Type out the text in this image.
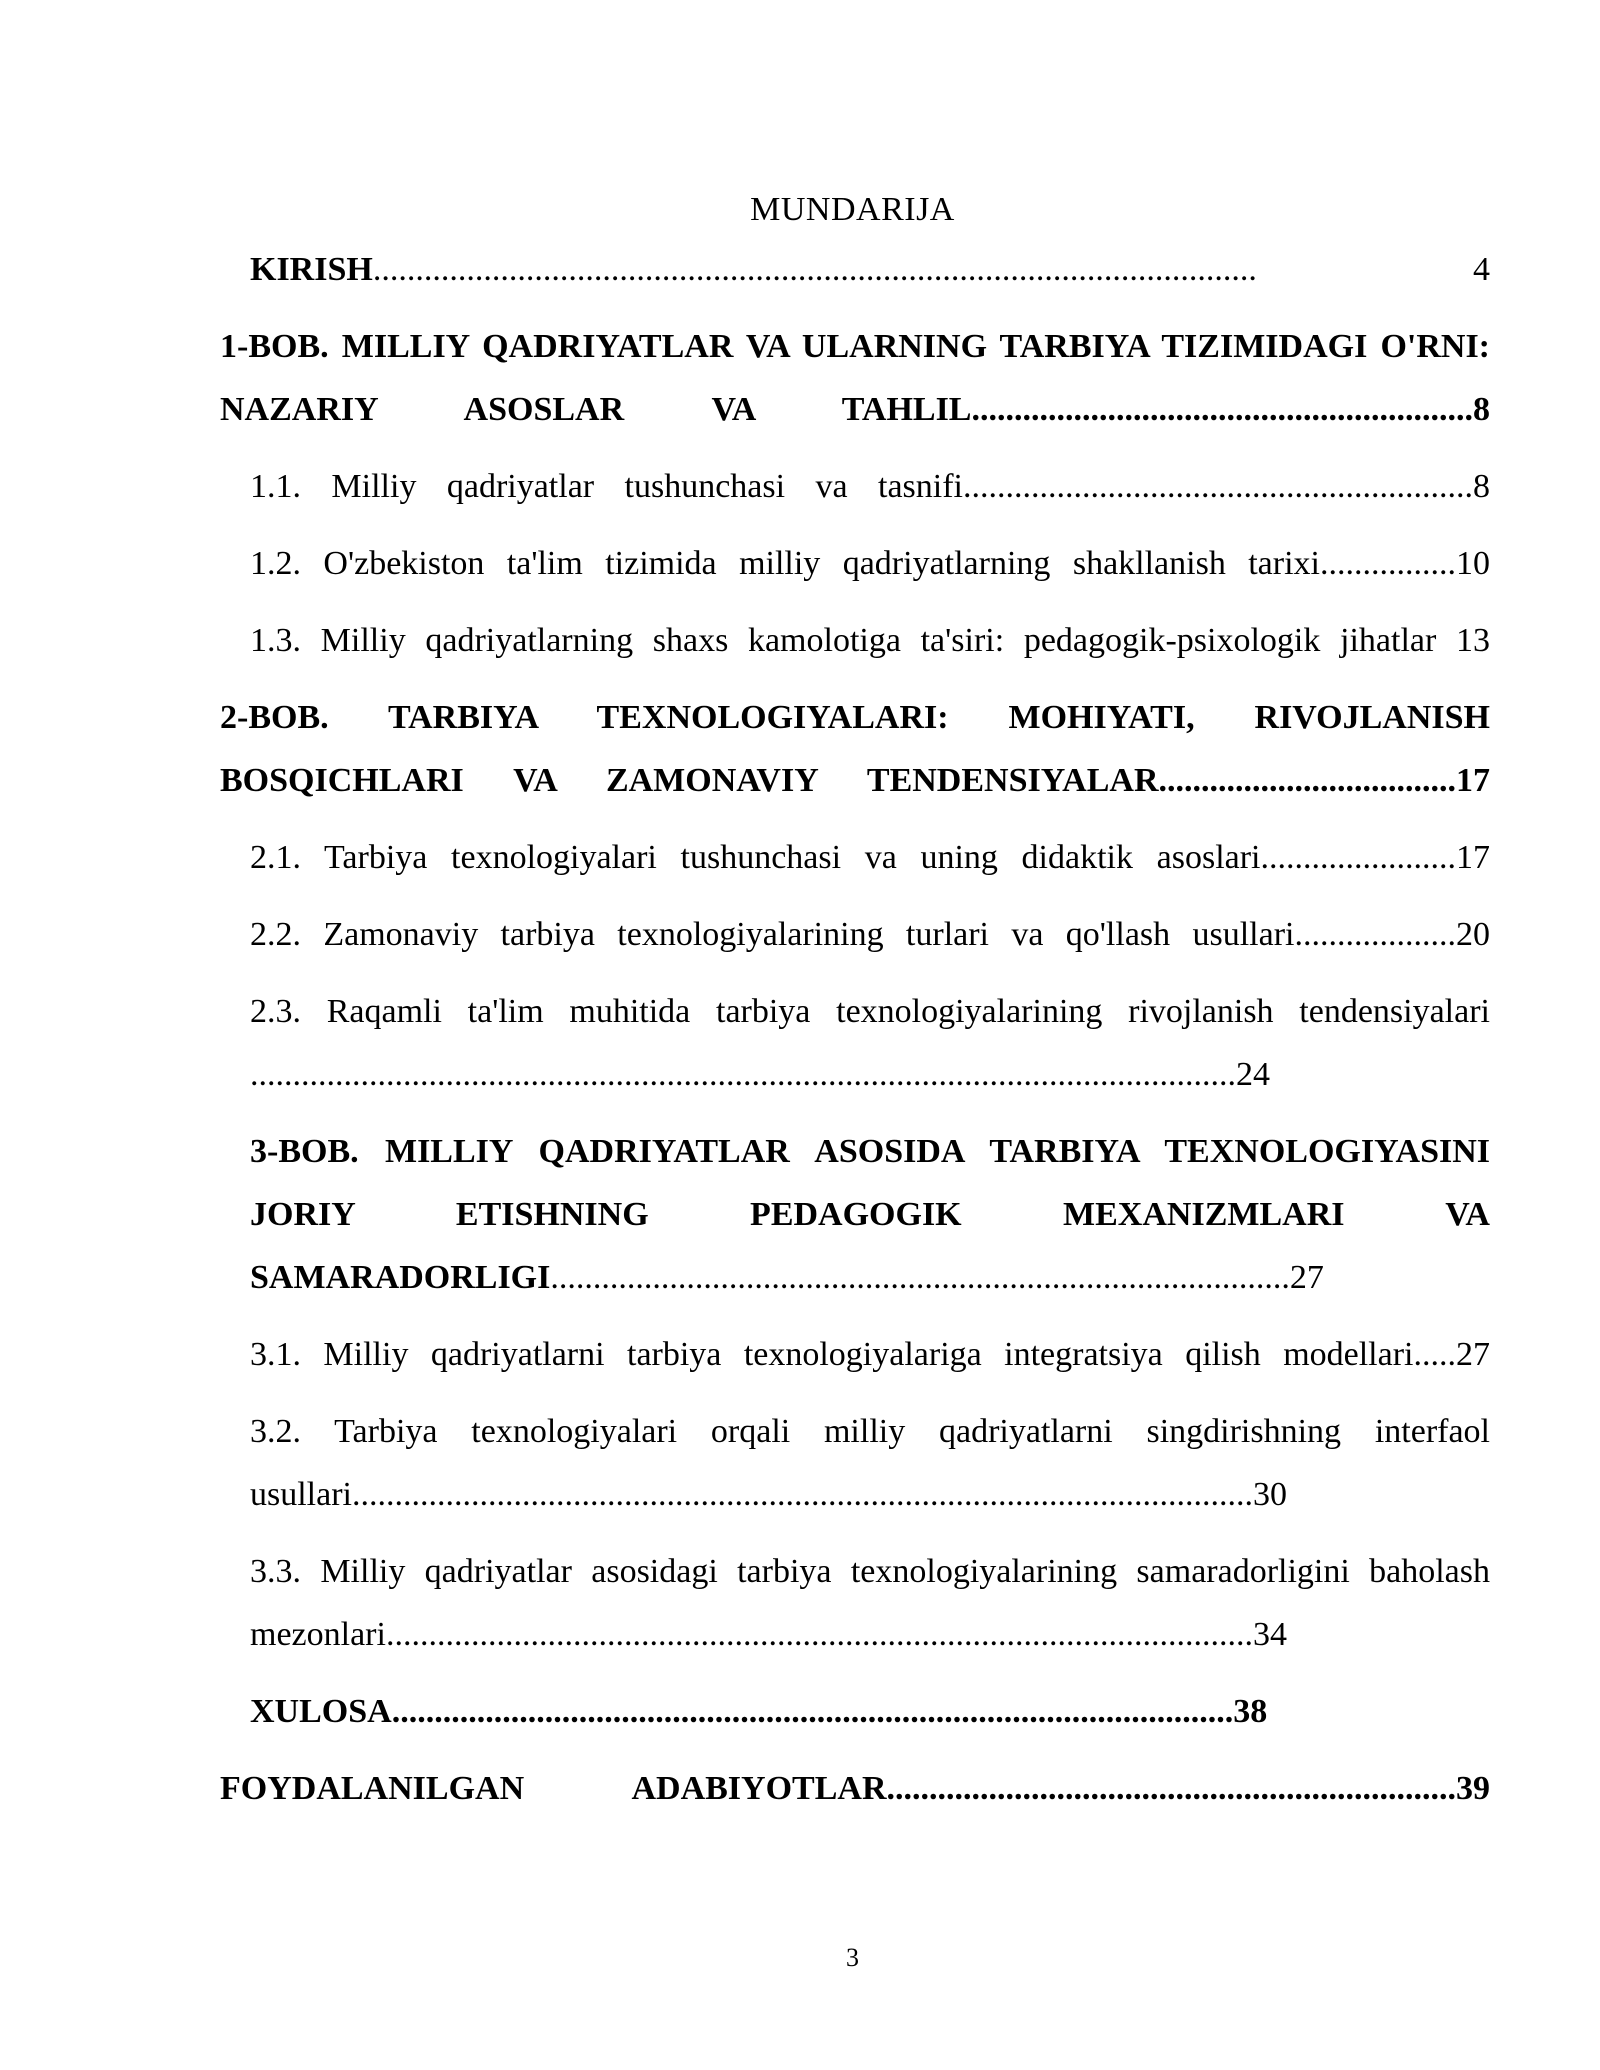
MUNDARIJA
KIRISH........................................................................................................ 4
1-BOB. MILLIY QADRIYATLAR VA ULARNING TARBIYA TIZIMIDAGI O'RNI: NAZARIY ASOSLAR VA TAHLIL...........................................................8
1.1. Milliy qadriyatlar tushunchasi va tasnifi............................................................8
1.2. O'zbekiston ta'lim tizimida milliy qadriyatlarning shakllanish tarixi................10
1.3. Milliy qadriyatlarning shaxs kamolotiga ta'siri: pedagogik-psixologik jihatlar 13
2-BOB. TARBIYA TEXNOLOGIYALARI: MOHIYATI, RIVOJLANISH BOSQICHLARI VA ZAMONAVIY TENDENSIYALAR...................................17
2.1. Tarbiya texnologiyalari tushunchasi va uning didaktik asoslari.......................17
2.2. Zamonaviy tarbiya texnologiyalarining turlari va qo'llash usullari...................20
2.3. Raqamli ta'lim muhitida tarbiya texnologiyalarining rivojlanish tendensiyalari ....................................................................................................................24
3-BOB. MILLIY QADRIYATLAR ASOSIDA TARBIYA TEXNOLOGIYASINI JORIY ETISHNING PEDAGOGIK MEXANIZMLARI VA SAMARADORLIGI.......................................................................................27
3.1. Milliy qadriyatlarni tarbiya texnologiyalariga integratsiya qilish modellari.....27
3.2. Tarbiya texnologiyalari orqali milliy qadriyatlarni singdirishning interfaol usullari..........................................................................................................30
3.3. Milliy qadriyatlar asosidagi tarbiya texnologiyalarining samaradorligini baholash mezonlari......................................................................................................34
XULOSA...................................................................................................38
FOYDALANILGAN ADABIYOTLAR...................................................................39
3
